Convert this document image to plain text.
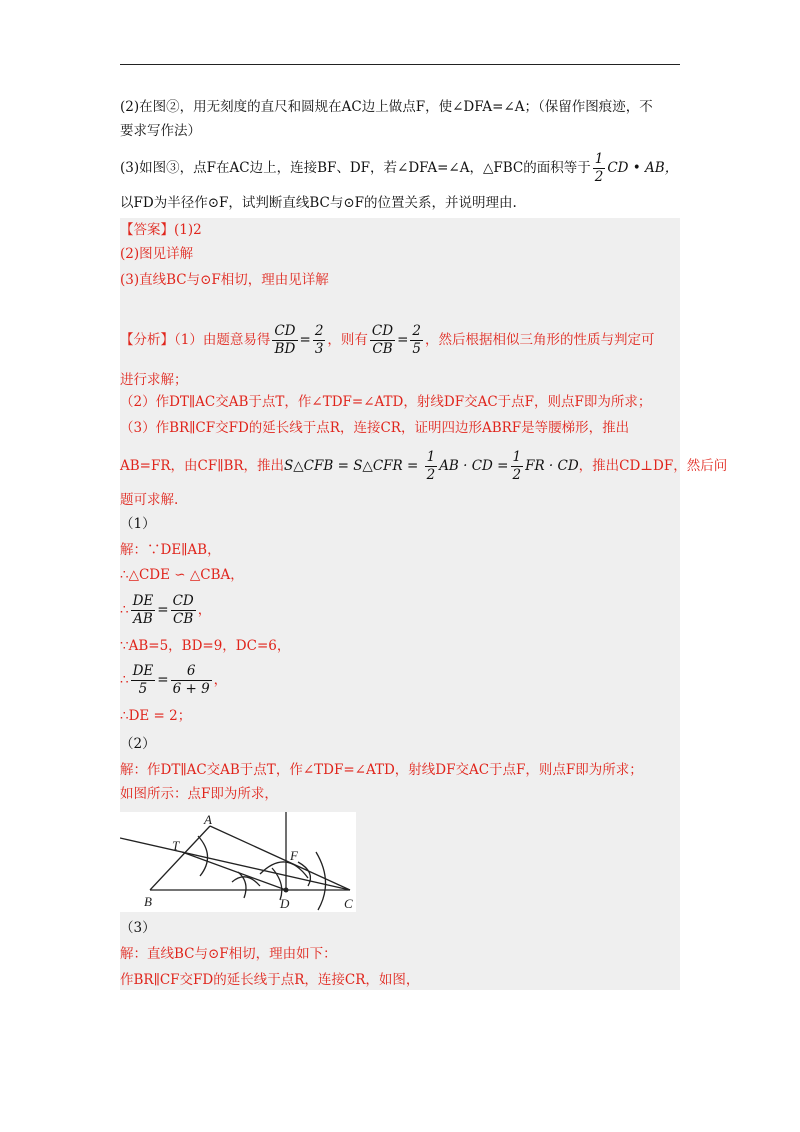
(2)在图②，用无刻度的直尺和圆规在AC边上做点F，使∠DFA=∠A；（保留作图痕迹，不
要求写作法）
(3)如图③，点F在AC边上，连接BF、DF，若∠DFA=∠A，△FBC的面积等于 $\frac{1}{2}$ CD • AB，
以FD为半径作⊙F，试判断直线BC与⊙F的位置关系，并说明理由.
【答案】(1)2
(2)图见详解
(3)直线BC与⊙F相切，理由见详解
【分析】（1）由题意易得 $\frac{CD}{BD} = \frac{2}{3}$ ，则有 $\frac{CD}{CB} = \frac{2}{5}$ ，然后根据相似三角形的性质与判定可
进行求解；
（2）作DT∥AC交AB于点T，作∠TDF=∠ATD，射线DF交AC于点F，则点F即为所求；
（3）作BR∥CF交FD的延长线于点R，连接CR，证明四边形ABRF是等腰梯形，推出
AB=FR，由CF∥BR，推出S△CFB = S△CFR = $\frac{1}{2}$ AB · CD = $\frac{1}{2}$ FR · CD，推出CD⊥DF，然后问
题可求解.
（1）
解：∵DE∥AB，
∴△CDE ∽ △CBA，
∴ $\frac{DE}{AB} = \frac{CD}{CB}$ ，
∵AB=5，BD=9，DC=6，
∴ $\frac{DE}{5} = \frac{6}{6 + 9}$ ，
∴DE = 2；
（2）
解：作DT∥AC交AB于点T，作∠TDF=∠ATD，射线DF交AC于点F，则点F即为所求；
如图所示：点F即为所求，
A
T
F
B	D	C
（3）
解：直线BC与⊙F相切，理由如下：
作BR∥CF交FD的延长线于点R，连接CR，如图，
